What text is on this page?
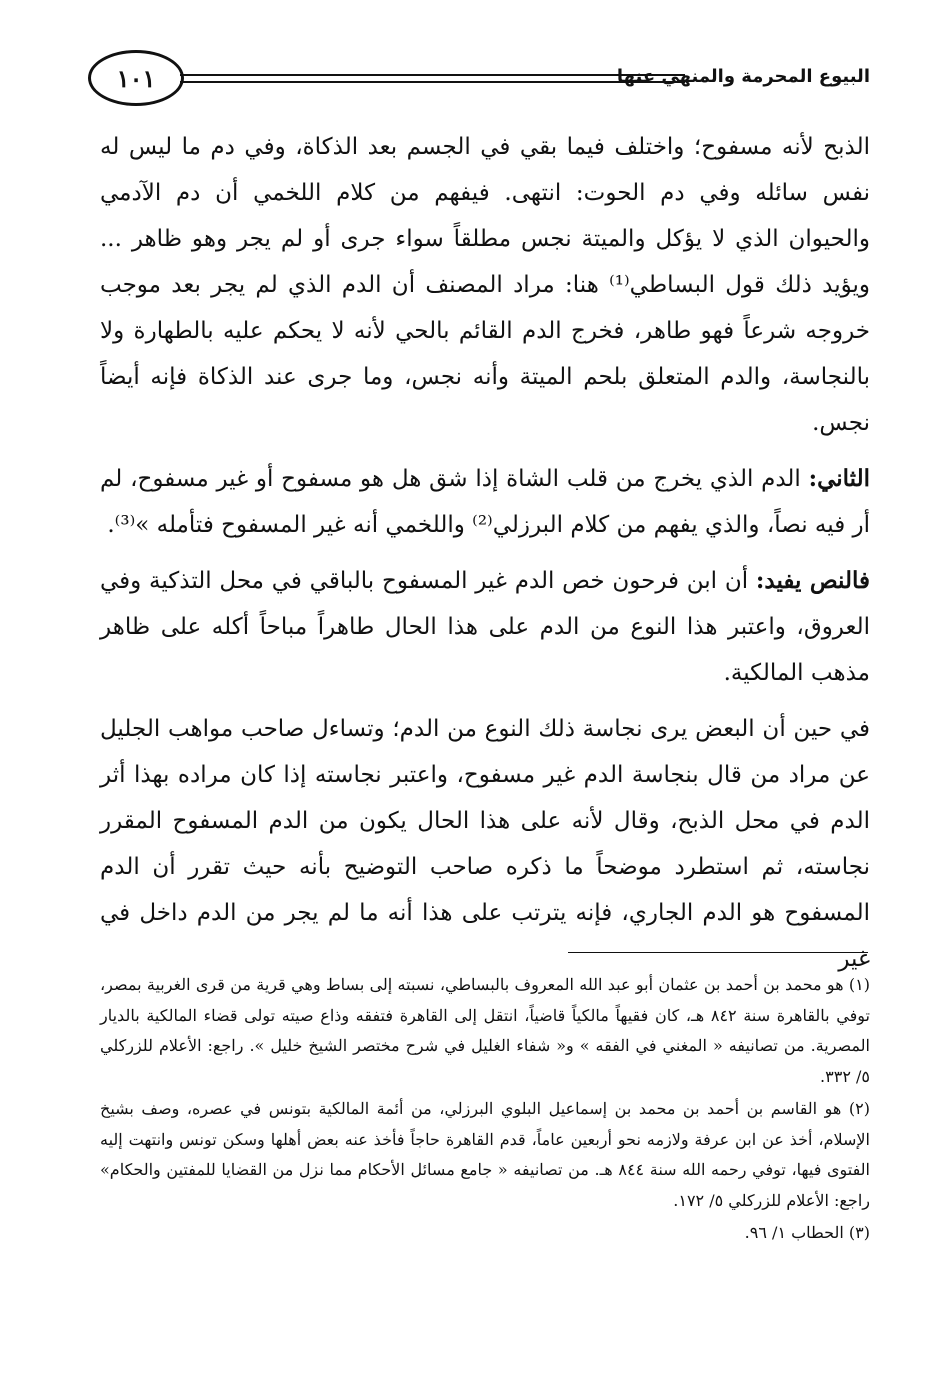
١٠١	البيوع المحرمة والمنهي عنها

الذبح لأنه مسفوح؛ واختلف فيما بقي في الجسم بعد الذكاة، وفي دم ما ليس له نفس سائله وفي دم الحوت: انتهى. فيفهم من كلام اللخمي أن دم الآدمي والحيوان الذي لا يؤكل والميتة نجس مطلقاً سواء جرى أو لم يجر وهو ظاهر ... ويؤيد ذلك قول البساطي⁽¹⁾ هنا: مراد المصنف أن الدم الذي لم يجر بعد موجب خروجه شرعاً فهو طاهر، فخرج الدم القائم بالحي لأنه لا يحكم عليه بالطهارة ولا بالنجاسة، والدم المتعلق بلحم الميتة وأنه نجس، وما جرى عند الذكاة فإنه أيضاً نجس.

الثاني: الدم الذي يخرج من قلب الشاة إذا شق هل هو مسفوح أو غير مسفوح، لم أر فيه نصاً، والذي يفهم من كلام البرزلي⁽²⁾ واللخمي أنه غير المسفوح فتأمله »⁽³⁾.

فالنص يفيد: أن ابن فرحون خص الدم غير المسفوح بالباقي في محل التذكية وفي العروق، واعتبر هذا النوع من الدم على هذا الحال طاهراً مباحاً أكله على ظاهر مذهب المالكية.

في حين أن البعض يرى نجاسة ذلك النوع من الدم؛ وتساءل صاحب مواهب الجليل عن مراد من قال بنجاسة الدم غير مسفوح، واعتبر نجاسته إذا كان مراده بهذا أثر الدم في محل الذبح، وقال لأنه على هذا الحال يكون من الدم المسفوح المقرر نجاسته، ثم استطرد موضحاً ما ذكره صاحب التوضيح بأنه حيث تقرر أن الدم المسفوح هو الدم الجاري، فإنه يترتب على هذا أنه ما لم يجر من الدم داخل في غير

(١) هو محمد بن أحمد بن عثمان أبو عبد الله المعروف بالبساطي، نسبته إلى بساط وهي قرية من قرى الغربية بمصر، توفي بالقاهرة سنة ٨٤٢ هـ، كان فقيهاً مالكياً قاضياً، انتقل إلى القاهرة فتفقه وذاع صيته تولى قضاء المالكية بالديار المصرية. من تصانيفه « المغني في الفقه » و« شفاء الغليل في شرح مختصر الشيخ خليل ». راجع: الأعلام للزركلي ٥/ ٣٣٢.

(٢) هو القاسم بن أحمد بن محمد بن إسماعيل البلوي البرزلي، من أئمة المالكية بتونس في عصره، وصف بشيخ الإسلام، أخذ عن ابن عرفة ولازمه نحو أربعين عاماً، قدم القاهرة حاجاً فأخذ عنه بعض أهلها وسكن تونس وانتهت إليه الفتوى فيها، توفي رحمه الله سنة ٨٤٤ هـ. من تصانيفه « جامع مسائل الأحكام مما نزل من القضايا للمفتين والحكام» راجع: الأعلام للزركلي ٥/ ١٧٢.

(٣) الحطاب ١/ ٩٦.
